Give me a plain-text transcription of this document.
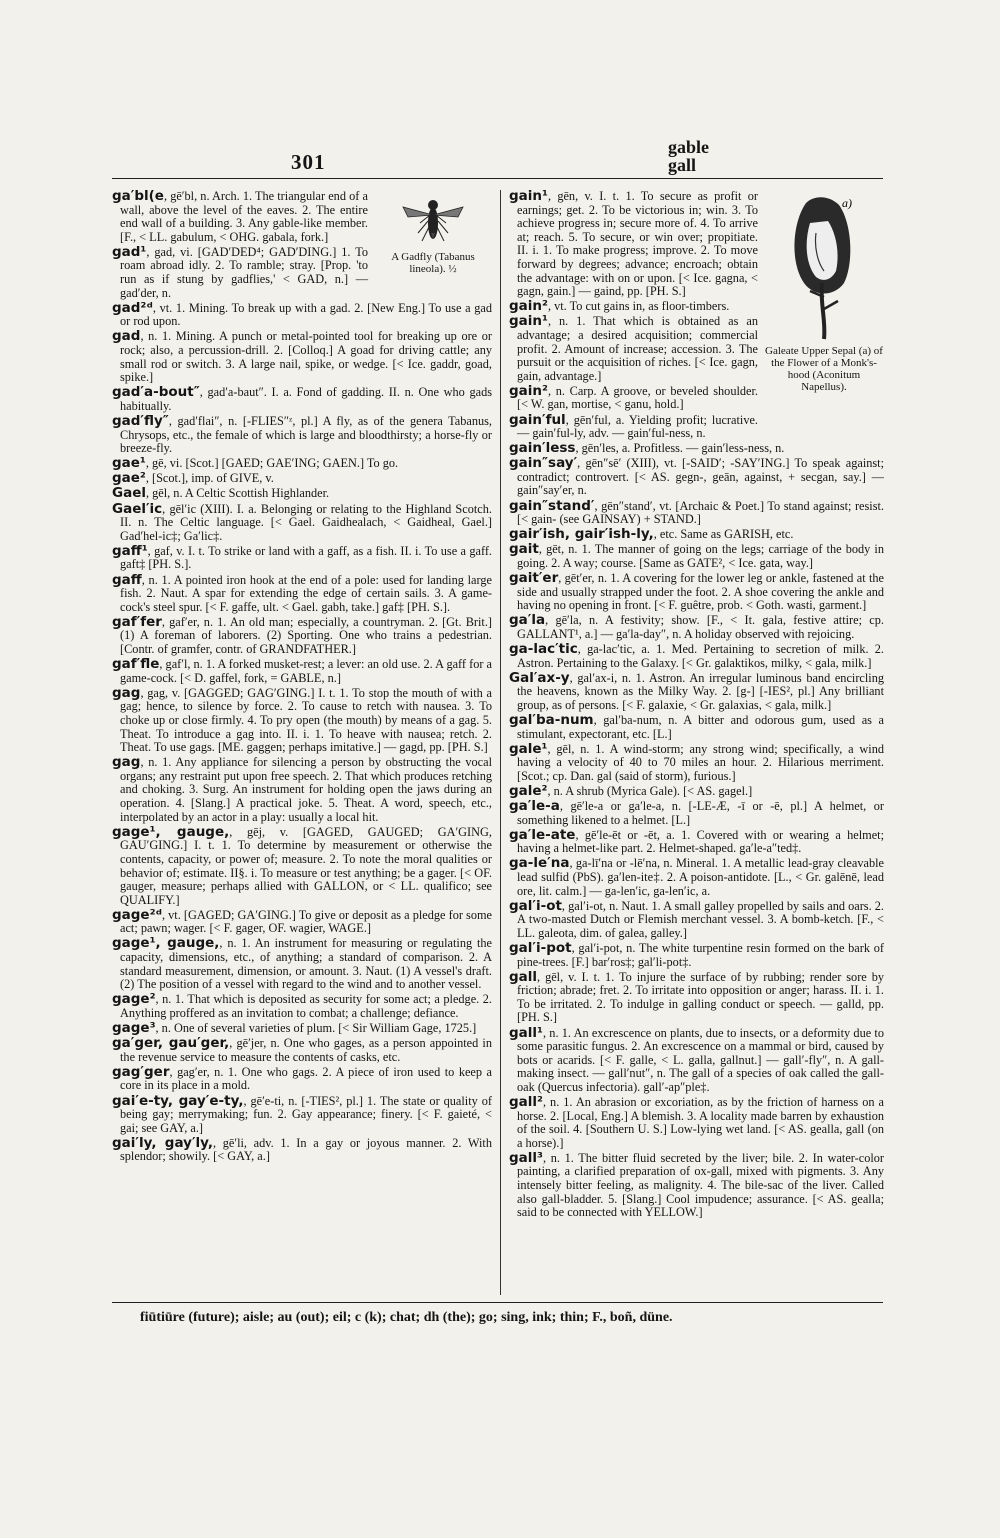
301
gable
gall
A Gadfly (Tabanus lineola). ½

ga′bl(e, gē′bl, n. Arch. 1. The triangular end of a wall, above the level of the eaves. 2. The entire end wall of a building. 3. Any gable-like member. [F., < LL. gabulum, < OHG. gabala, fork.]

gad¹, gad, vi. [GAD′DED⁴; GAD′DING.] 1. To roam abroad idly. 2. To ramble; stray. [Prop. 'to run as if stung by gadflies,' < GAD, n.] — gad′der, n.

gad²ᵈ, vt. 1. Mining. To break up with a gad. 2. [New Eng.] To use a gad or rod upon.

gad, n. 1. Mining. A punch or metal-pointed tool for breaking up ore or rock; also, a percussion-drill. 2. [Colloq.] A goad for driving cattle; any small rod or switch. 3. A large nail, spike, or wedge. [< Ice. gaddr, goad, spike.]

gad′a-bout″, gad′a-baut″. I. a. Fond of gadding. II. n. One who gads habitually.

gad′fly″, gad′flai″, n. [-FLIES″ᶻ, pl.] A fly, as of the genera Tabanus, Chrysops, etc., the female of which is large and bloodthirsty; a horse-fly or breeze-fly.

gae¹, gē, vi. [Scot.] [GAED; GAE′ING; GAEN.] To go.

gae², [Scot.], imp. of GIVE, v.

Gael, gēl, n. A Celtic Scottish Highlander.

Gael′ic, gēl′ic (XIII). I. a. Belonging or relating to the Highland Scotch. II. n. The Celtic language. [< Gael. Gaidhealach, < Gaidheal, Gael.] Gad′hel-ic‡; Ga′lic‡.

gaff¹, gaf, v. I. t. To strike or land with a gaff, as a fish. II. i. To use a gaff. gaft‡ [PH. S.].

gaff, n. 1. A pointed iron hook at the end of a pole: used for landing large fish. 2. Naut. A spar for extending the edge of certain sails. 3. A game-cock's steel spur. [< F. gaffe, ult. < Gael. gabh, take.] gaf‡ [PH. S.].

gaf′fer, gaf′er, n. 1. An old man; especially, a countryman. 2. [Gt. Brit.] (1) A foreman of laborers. (2) Sporting. One who trains a pedestrian. [Contr. of gramfer, contr. of GRANDFATHER.]

gaf′fle, gaf′l, n. 1. A forked musket-rest; a lever: an old use. 2. A gaff for a game-cock. [< D. gaffel, fork, = GABLE, n.]

gag, gag, v. [GAGGED; GAG′GING.] I. t. 1. To stop the mouth of with a gag; hence, to silence by force. 2. To cause to retch with nausea. 3. To choke up or close firmly. 4. To pry open (the mouth) by means of a gag. 5. Theat. To introduce a gag into. II. i. 1. To heave with nausea; retch. 2. Theat. To use gags. [ME. gaggen; perhaps imitative.] — gagd, pp. [PH. S.]

gag, n. 1. Any appliance for silencing a person by obstructing the vocal organs; any restraint put upon free speech. 2. That which produces retching and choking. 3. Surg. An instrument for holding open the jaws during an operation. 4. [Slang.] A practical joke. 5. Theat. A word, speech, etc., interpolated by an actor in a play: usually a local hit.

gage¹, gauge,, gēj, v. [GAGED, GAUGED; GA′GING, GAU′GING.] I. t. 1. To determine by measurement or otherwise the contents, capacity, or power of; measure. 2. To note the moral qualities or behavior of; estimate. II§. i. To measure or test anything; be a gager. [< OF. gauger, measure; perhaps allied with GALLON, or < LL. qualifico; see QUALIFY.]

gage²ᵈ, vt. [GAGED; GA′GING.] To give or deposit as a pledge for some act; pawn; wager. [< F. gager, OF. wagier, WAGE.]

gage¹, gauge,, n. 1. An instrument for measuring or regulating the capacity, dimensions, etc., of anything; a standard of comparison. 2. A standard measurement, dimension, or amount. 3. Naut. (1) A vessel's draft. (2) The position of a vessel with regard to the wind and to another vessel.

gage², n. 1. That which is deposited as security for some act; a pledge. 2. Anything proffered as an invitation to combat; a challenge; defiance.

gage³, n. One of several varieties of plum. [< Sir William Gage, 1725.]

ga′ger, gau′ger,, gē′jer, n. One who gages, as a person appointed in the revenue service to measure the contents of casks, etc.

gag′ger, gag′er, n. 1. One who gags. 2. A piece of iron used to keep a core in its place in a mold.

gai′e-ty, gay′e-ty,, gē′e-ti, n. [-TIES², pl.] 1. The state or quality of being gay; merrymaking; fun. 2. Gay appearance; finery. [< F. gaieté, < gai; see GAY, a.]

gai′ly, gay′ly,, gē′li, adv. 1. In a gay or joyous manner. 2. With splendor; showily. [< GAY, a.]

a)
Galeate Upper Sepal (a) of the Flower of a Monk's-hood (Aconitum Napellus).

gain¹, gēn, v. I. t. 1. To secure as profit or earnings; get. 2. To be victorious in; win. 3. To achieve progress in; secure more of. 4. To arrive at; reach. 5. To secure, or win over; propitiate. II. i. 1. To make progress; improve. 2. To move forward by degrees; advance; encroach; obtain the advantage: with on or upon. [< Ice. gagna, < gagn, gain.] — gaind, pp. [PH. S.]

gain², vt. To cut gains in, as floor-timbers.

gain¹, n. 1. That which is obtained as an advantage; a desired acquisition; commercial profit. 2. Amount of increase; accession. 3. The pursuit or the acquisition of riches. [< Ice. gagn, gain, advantage.]

gain², n. Carp. A groove, or beveled shoulder. [< W. gan, mortise, < ganu, hold.]

gain′ful, gēn′ful, a. Yielding profit; lucrative. — gain′ful-ly, adv. — gain′ful-ness, n.

gain′less, gēn′les, a. Profitless. — gain′less-ness, n.

gain″say′, gēn″sē′ (XIII), vt. [-SAID′; -SAY′ING.] To speak against; contradict; controvert. [< AS. gegn-, geān, against, + secgan, say.] — gain″say′er, n.

gain″stand′, gēn″stand′, vt. [Archaic & Poet.] To stand against; resist. [< gain- (see GAINSAY) + STAND.]

gair′ish, gair′ish-ly,, etc. Same as GARISH, etc.

gait, gēt, n. 1. The manner of going on the legs; carriage of the body in going. 2. A way; course. [Same as GATE², < Ice. gata, way.]

gait′er, gēt′er, n. 1. A covering for the lower leg or ankle, fastened at the side and usually strapped under the foot. 2. A shoe covering the ankle and having no opening in front. [< F. guêtre, prob. < Goth. wasti, garment.]

ga′la, gē′la, n. A festivity; show. [F., < It. gala, festive attire; cp. GALLANT¹, a.] — ga′la-day″, n. A holiday observed with rejoicing.

ga-lac′tic, ga-lac′tic, a. 1. Med. Pertaining to secretion of milk. 2. Astron. Pertaining to the Galaxy. [< Gr. galaktikos, milky, < gala, milk.]

Gal′ax-y, gal′ax-i, n. 1. Astron. An irregular luminous band encircling the heavens, known as the Milky Way. 2. [g-] [-IES², pl.] Any brilliant group, as of persons. [< F. galaxie, < Gr. galaxias, < gala, milk.]

gal′ba-num, gal′ba-num, n. A bitter and odorous gum, used as a stimulant, expectorant, etc. [L.]

gale¹, gēl, n. 1. A wind-storm; any strong wind; specifically, a wind having a velocity of 40 to 70 miles an hour. 2. Hilarious merriment. [Scot.; cp. Dan. gal (said of storm), furious.]

gale², n. A shrub (Myrica Gale). [< AS. gagel.]

ga′le-a, gē′le-a or ga′le-a, n. [-LE-Æ, -ī or -ē, pl.] A helmet, or something likened to a helmet. [L.]

ga′le-ate, gē′le-ēt or -ēt, a. 1. Covered with or wearing a helmet; having a helmet-like part. 2. Helmet-shaped. ga′le-a″ted‡.

ga-le′na, ga-lī′na or -lē′na, n. Mineral. 1. A metallic lead-gray cleavable lead sulfid (PbS). ga′len-ite‡. 2. A poison-antidote. [L., < Gr. galēnē, lead ore, lit. calm.] — ga-len′ic, ga-len′ic, a.

gal′i-ot, gal′i-ot, n. Naut. 1. A small galley propelled by sails and oars. 2. A two-masted Dutch or Flemish merchant vessel. 3. A bomb-ketch. [F., < LL. galeota, dim. of galea, galley.]

gal′i-pot, gal′i-pot, n. The white turpentine resin formed on the bark of pine-trees. [F.] bar′ros‡; gal′li-pot‡.

gall, gēl, v. I. t. 1. To injure the surface of by rubbing; render sore by friction; abrade; fret. 2. To irritate into opposition or anger; harass. II. i. 1. To be irritated. 2. To indulge in galling conduct or speech. — galld, pp. [PH. S.]

gall¹, n. 1. An excrescence on plants, due to insects, or a deformity due to some parasitic fungus. 2. An excrescence on a mammal or bird, caused by bots or acarids. [< F. galle, < L. galla, gallnut.] — gall′-fly″, n. A gall-making insect. — gall′nut″, n. The gall of a species of oak called the gall-oak (Quercus infectoria). gall′-ap″ple‡.

gall², n. 1. An abrasion or excoriation, as by the friction of harness on a horse. 2. [Local, Eng.] A blemish. 3. A locality made barren by exhaustion of the soil. 4. [Southern U. S.] Low-lying wet land. [< AS. gealla, gall (on a horse).]

gall³, n. 1. The bitter fluid secreted by the liver; bile. 2. In water-color painting, a clarified preparation of ox-gall, mixed with pigments. 3. Any intensely bitter feeling, as malignity. 4. The bile-sac of the liver. Called also gall-bladder. 5. [Slang.] Cool impudence; assurance. [< AS. gealla; said to be connected with YELLOW.]

fiūtiūre (future); aisle; au (out); eil; c (k); chat; dh (the); go; sing, ink; thin; F., boñ, düne.
